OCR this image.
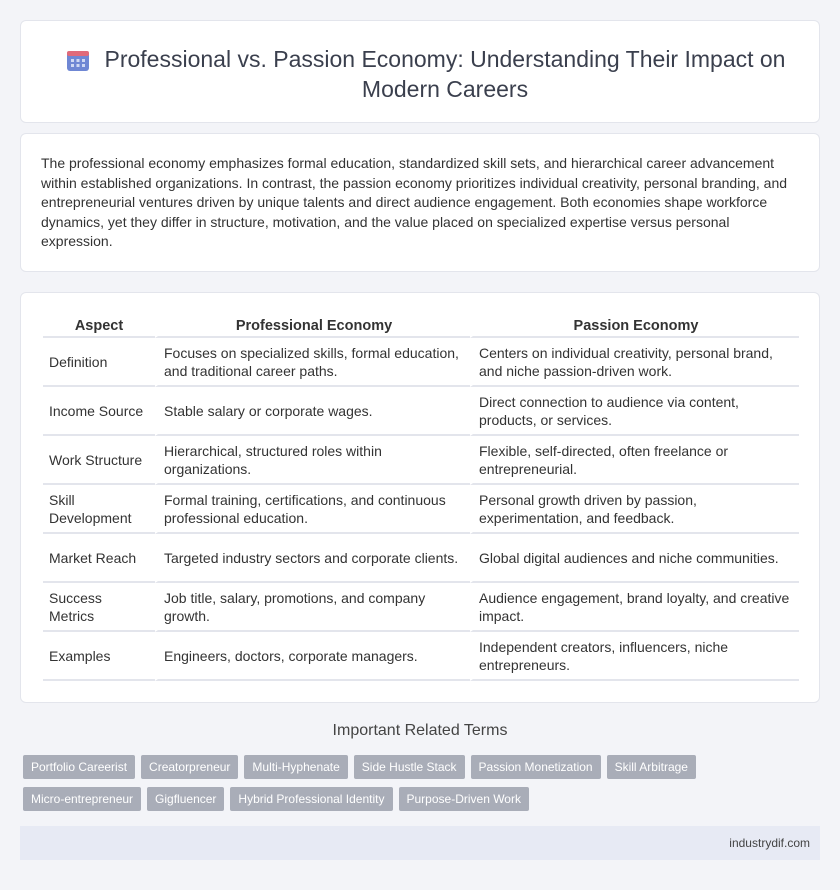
Professional vs. Passion Economy: Understanding Their Impact on Modern Careers

The professional economy emphasizes formal education, standardized skill sets, and hierarchical career advancement within established organizations. In contrast, the passion economy prioritizes individual creativity, personal branding, and entrepreneurial ventures driven by unique talents and direct audience engagement. Both economies shape workforce dynamics, yet they differ in structure, motivation, and the value placed on specialized expertise versus personal expression.

Aspect	Professional Economy	Passion Economy
Definition	Focuses on specialized skills, formal education, and traditional career paths.	Centers on individual creativity, personal brand, and niche passion-driven work.
Income Source	Stable salary or corporate wages.	Direct connection to audience via content, products, or services.
Work Structure	Hierarchical, structured roles within organizations.	Flexible, self-directed, often freelance or entrepreneurial.
Skill Development	Formal training, certifications, and continuous professional education.	Personal growth driven by passion, experimentation, and feedback.
Market Reach	Targeted industry sectors and corporate clients.	Global digital audiences and niche communities.
Success Metrics	Job title, salary, promotions, and company growth.	Audience engagement, brand loyalty, and creative impact.
Examples	Engineers, doctors, corporate managers.	Independent creators, influencers, niche entrepreneurs.
Important Related Terms
Portfolio Careerist	Creatorpreneur	Multi-Hyphenate	Side Hustle Stack	Passion Monetization	Skill Arbitrage
Micro-entrepreneur	Gigfluencer	Hybrid Professional Identity	Purpose-Driven Work
industrydif.com
